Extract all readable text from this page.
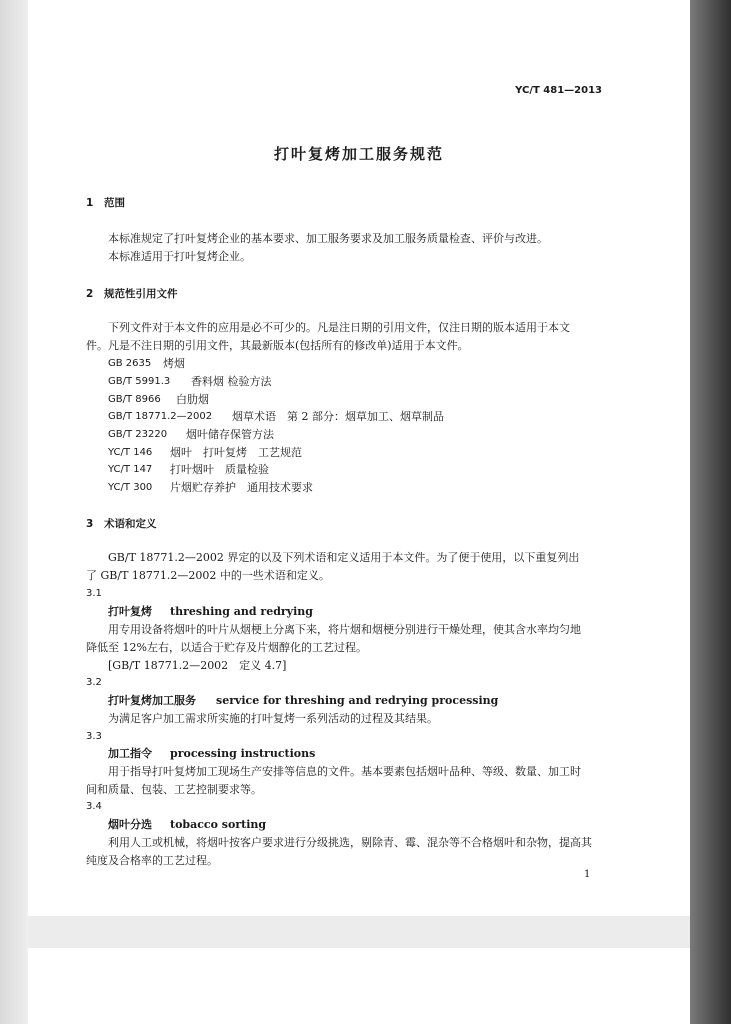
YC/T 481—2013
打叶复烤加工服务规范
1 范围
本标准规定了打叶复烤企业的基本要求、加工服务要求及加工服务质量检查、评价与改进。
本标准适用于打叶复烤企业。
2 规范性引用文件
下列文件对于本文件的应用是必不可少的。凡是注日期的引用文件，仅注日期的版本适用于本文
件。凡是不注日期的引用文件，其最新版本(包括所有的修改单)适用于本文件。
GB 2635 烤烟
GB/T 5991.3 香料烟 检验方法
GB/T 8966 白肋烟
GB/T 18771.2—2002 烟草术语　第 2 部分：烟草加工、烟草制品
GB/T 23220 烟叶储存保管方法
YC/T 146 烟叶　打叶复烤　工艺规范
YC/T 147 打叶烟叶　质量检验
YC/T 300 片烟贮存养护　通用技术要求
3 术语和定义
GB/T 18771.2—2002 界定的以及下列术语和定义适用于本文件。为了便于使用，以下重复列出
了 GB/T 18771.2—2002 中的一些术语和定义。
3.1
打叶复烤 threshing and redrying
用专用设备将烟叶的叶片从烟梗上分离下来，将片烟和烟梗分别进行干燥处理，使其含水率均匀地
降低至 12%左右，以适合于贮存及片烟醇化的工艺过程。
[GB/T 18771.2—2002　定义 4.7]
3.2
打叶复烤加工服务 service for threshing and redrying processing
为满足客户加工需求所实施的打叶复烤一系列活动的过程及其结果。
3.3
加工指令 processing instructions
用于指导打叶复烤加工现场生产安排等信息的文件。基本要素包括烟叶品种、等级、数量、加工时
间和质量、包装、工艺控制要求等。
3.4
烟叶分选 tobacco sorting
利用人工或机械，将烟叶按客户要求进行分级挑选，剔除青、霉、混杂等不合格烟叶和杂物，提高其
纯度及合格率的工艺过程。
1
